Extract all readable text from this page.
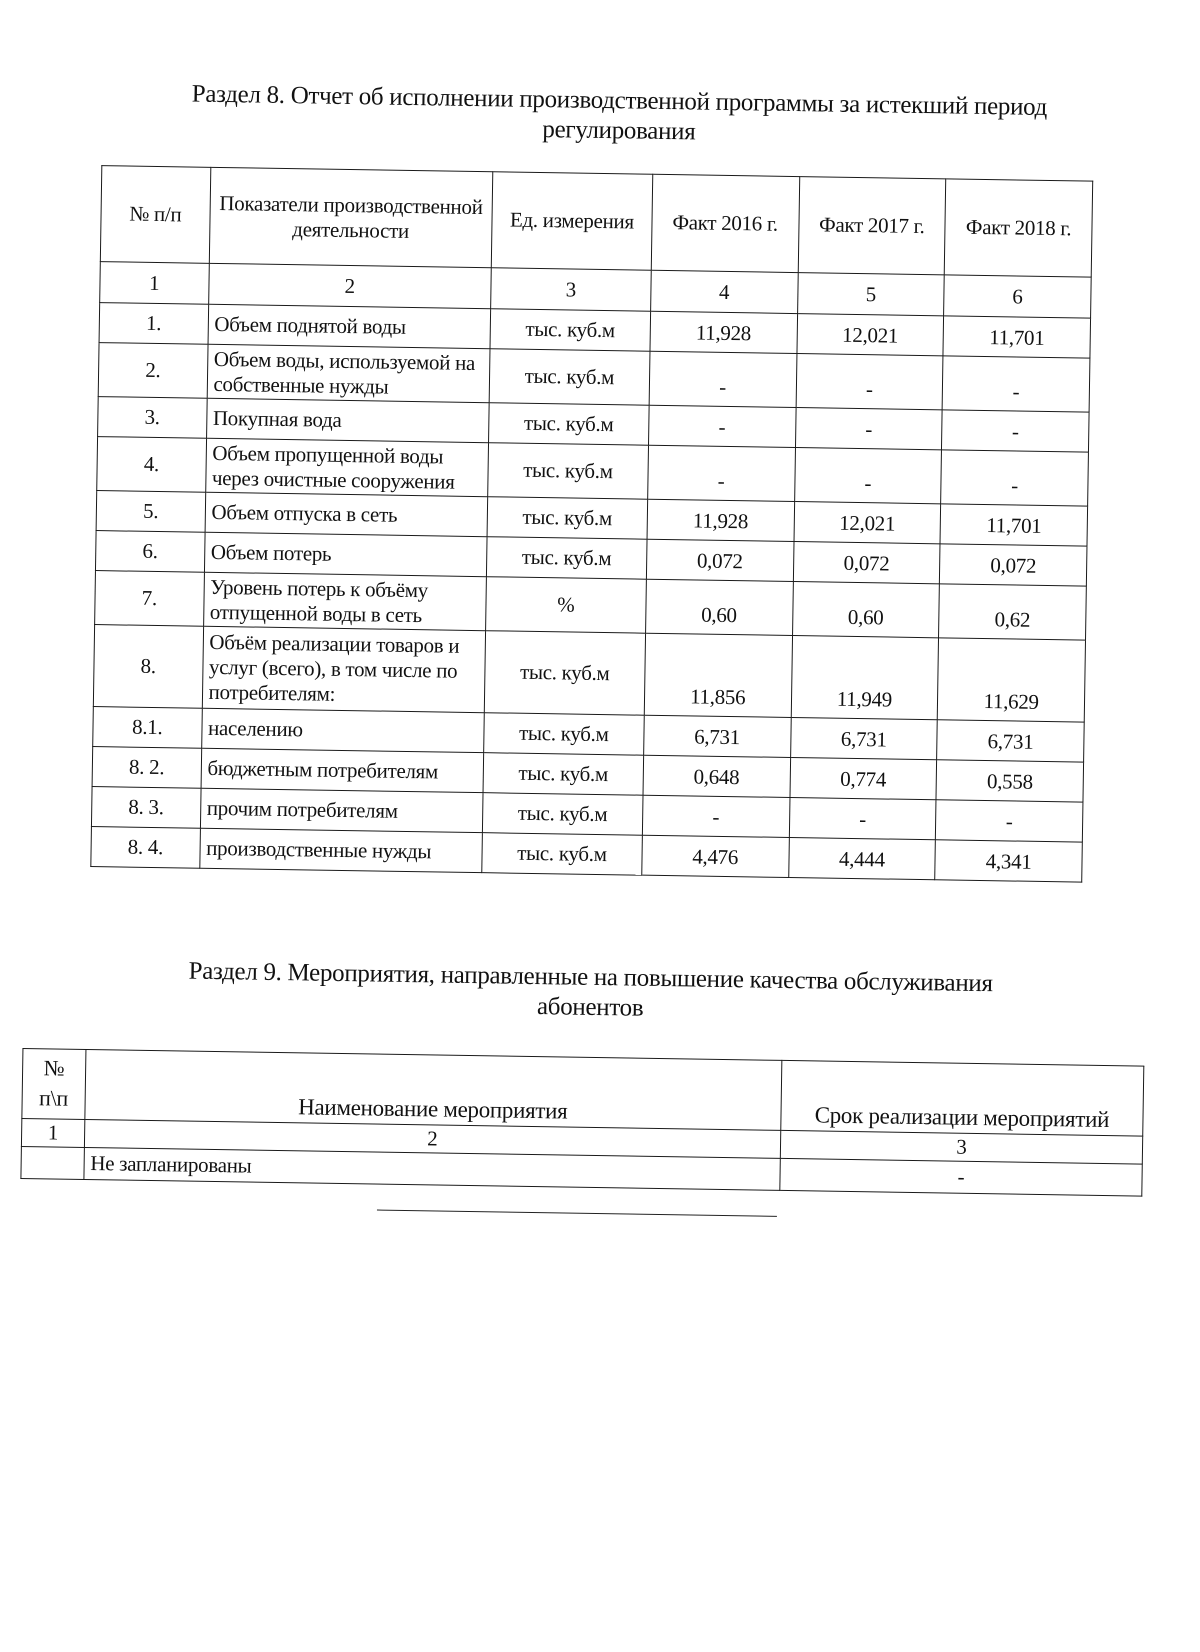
Раздел 8. Отчет об исполнении производственной программы за истекший период регулирования
№ п/п	Показатели производственной деятельности	Ед. измерения	Факт 2016 г.	Факт 2017 г.	Факт 2018 г.
1	2	3	4	5	6
1.	Объем поднятой воды	тыс. куб.м	11,928	12,021	11,701
2.	Объем воды, используемой на собственные нужды	тыс. куб.м	-	-	-
3.	Покупная вода	тыс. куб.м	-	-	-
4.	Объем пропущенной воды через очистные сооружения	тыс. куб.м	-	-	-
5.	Объем отпуска в сеть	тыс. куб.м	11,928	12,021	11,701
6.	Объем потерь	тыс. куб.м	0,072	0,072	0,072
7.	Уровень потерь к объёму отпущенной воды в сеть	%	0,60	0,60	0,62
8.	Объём реализации товаров и услуг (всего), в том числе по потребителям:	тыс. куб.м	11,856	11,949	11,629
8.1.	населению	тыс. куб.м	6,731	6,731	6,731
8. 2.	бюджетным потребителям	тыс. куб.м	0,648	0,774	0,558
8. 3.	прочим потребителям	тыс. куб.м	-	-	-
8. 4.	производственные нужды	тыс. куб.м	4,476	4,444	4,341
Раздел 9. Мероприятия, направленные на повышение качества обслуживания абонентов
№
п\п	Наименование мероприятия	Срок реализации мероприятий
1	2	3
	Не запланированы	-
